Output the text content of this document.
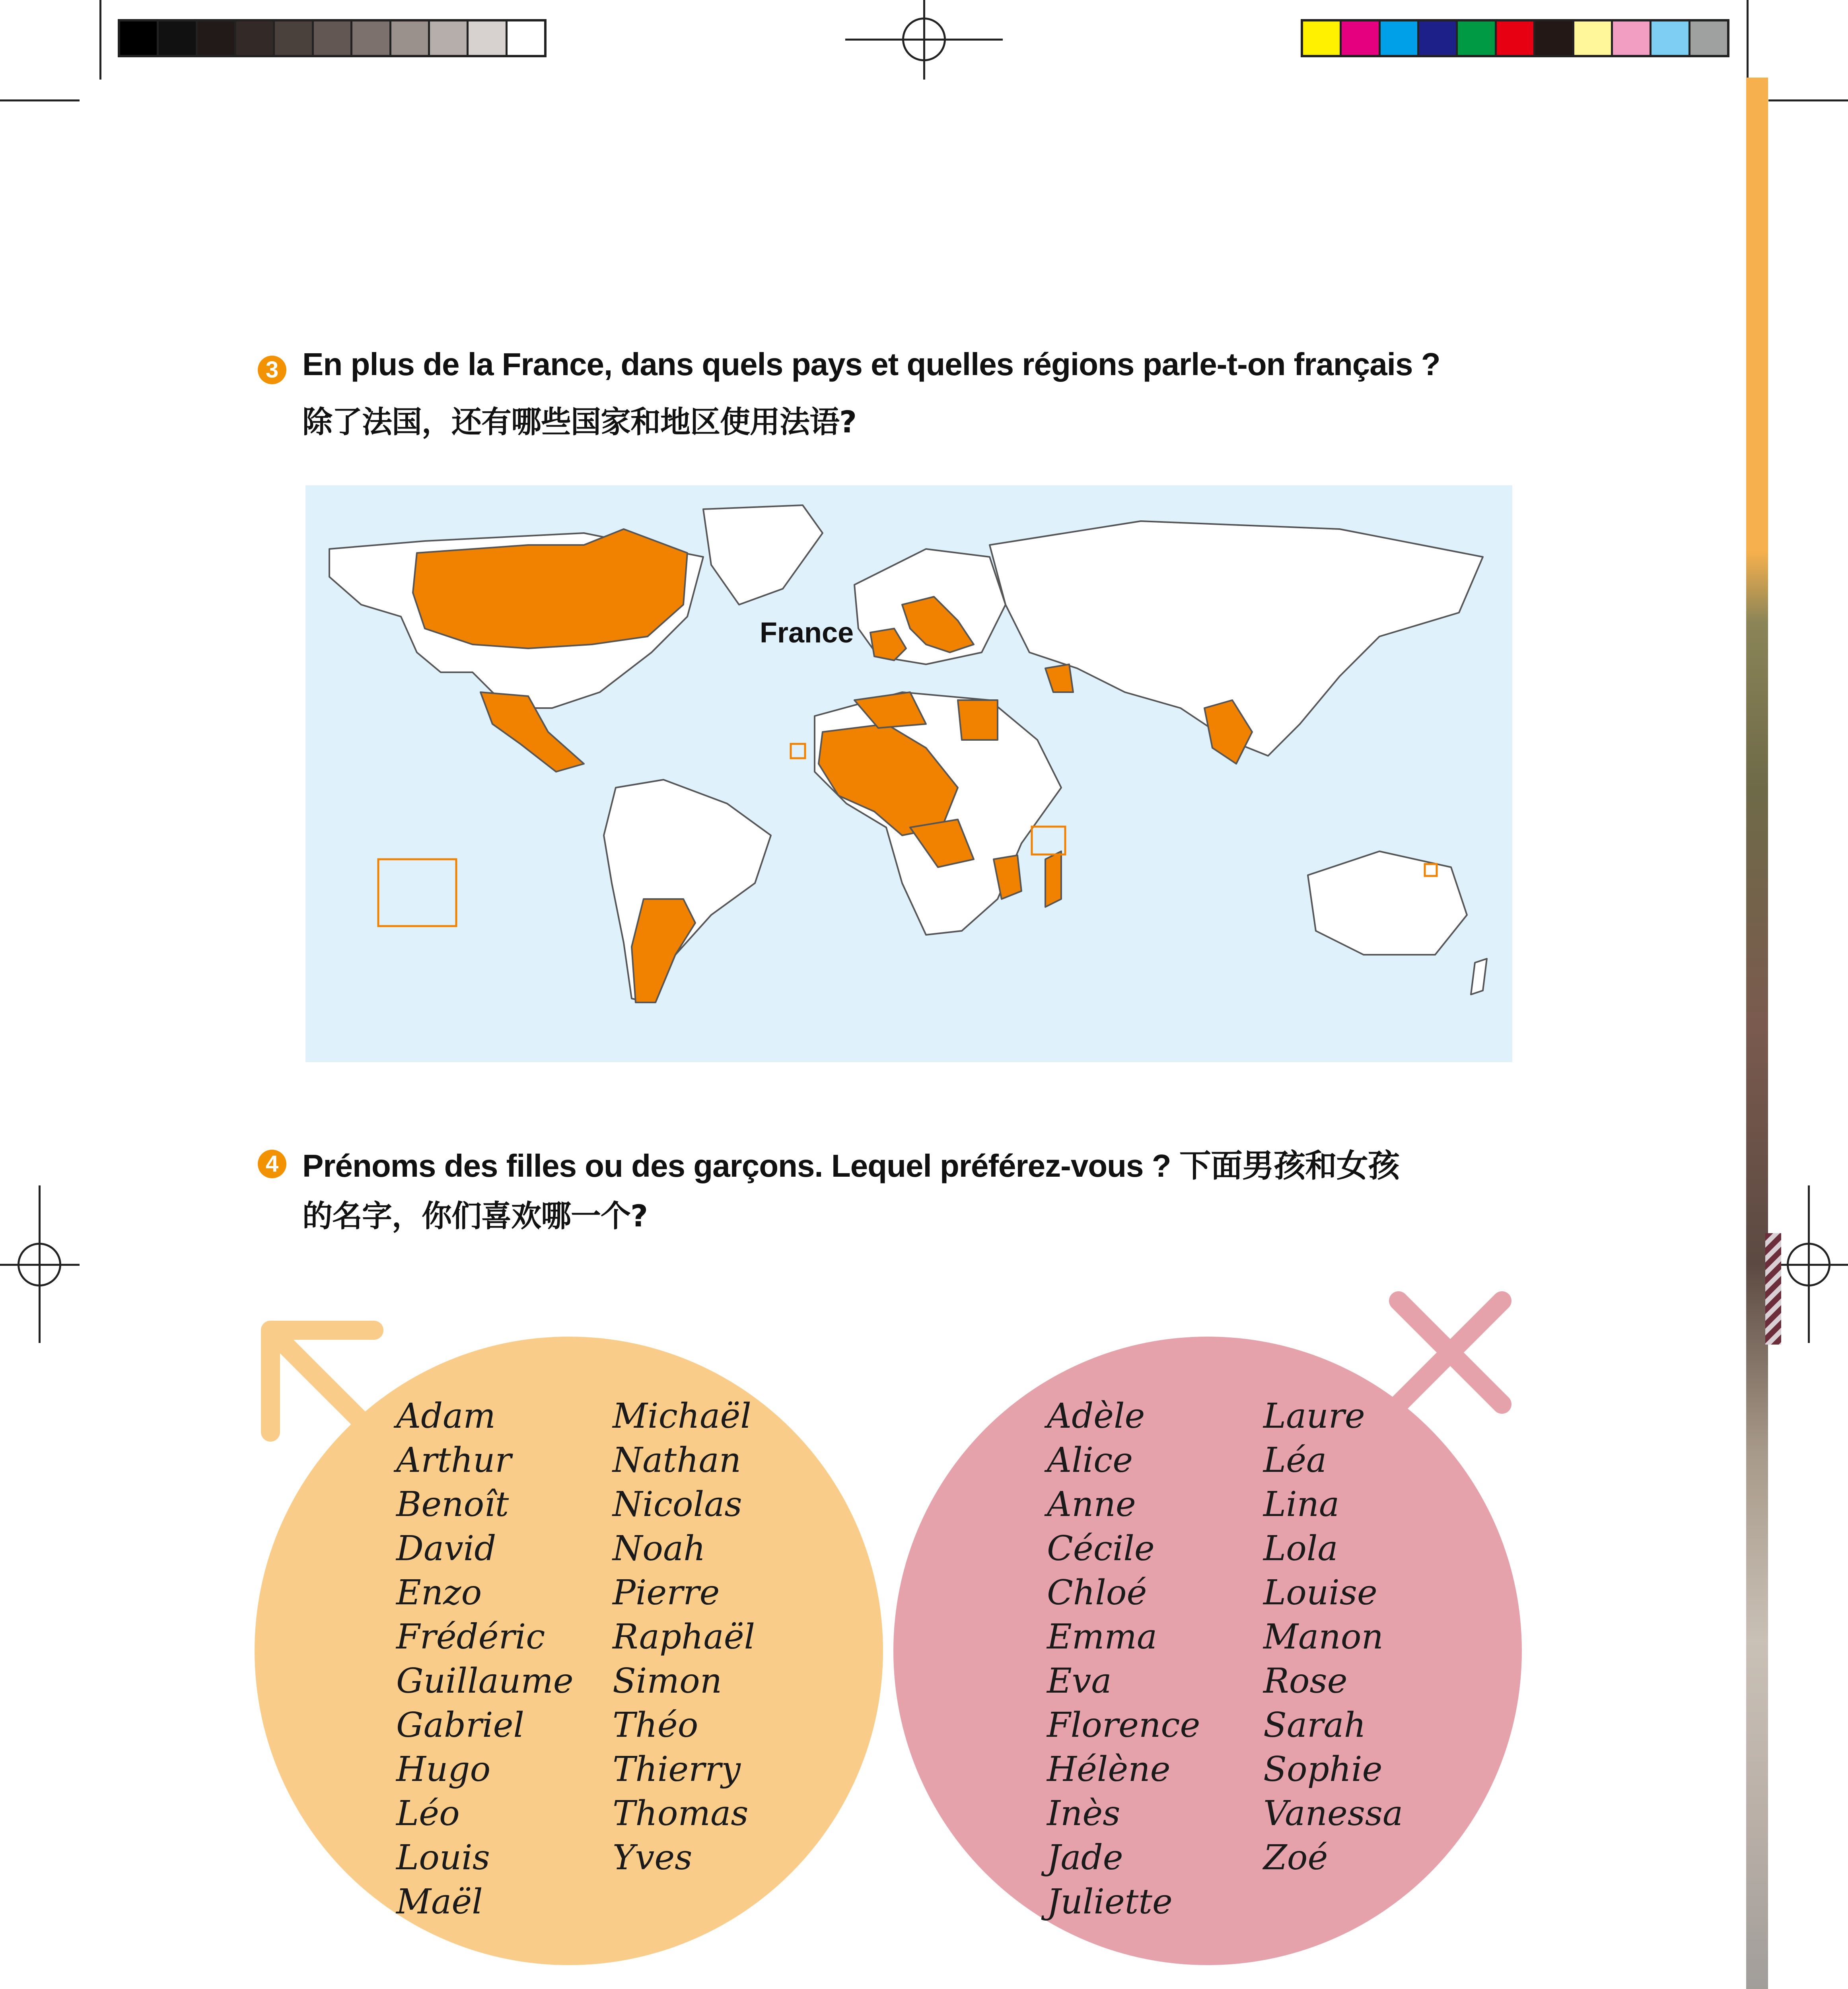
3 En plus de la France, dans quels pays et quelles régions parle-t-on français ?
除了法国，还有哪些国家和地区使用法语?
France
4 Prénoms des filles ou des garçons. Lequel préférez-vous ? 下面男孩和女孩
的名字，你们喜欢哪一个?
Adam
Arthur
Benoît
David
Enzo
Frédéric
Guillaume
Gabriel
Hugo
Léo
Louis
Maël
Michaël
Nathan
Nicolas
Noah
Pierre
Raphaël
Simon
Théo
Thierry
Thomas
Yves
Adèle
Alice
Anne
Cécile
Chloé
Emma
Eva
Florence
Hélène
Inès
Jade
Juliette
Laure
Léa
Lina
Lola
Louise
Manon
Rose
Sarah
Sophie
Vanessa
Zoé
